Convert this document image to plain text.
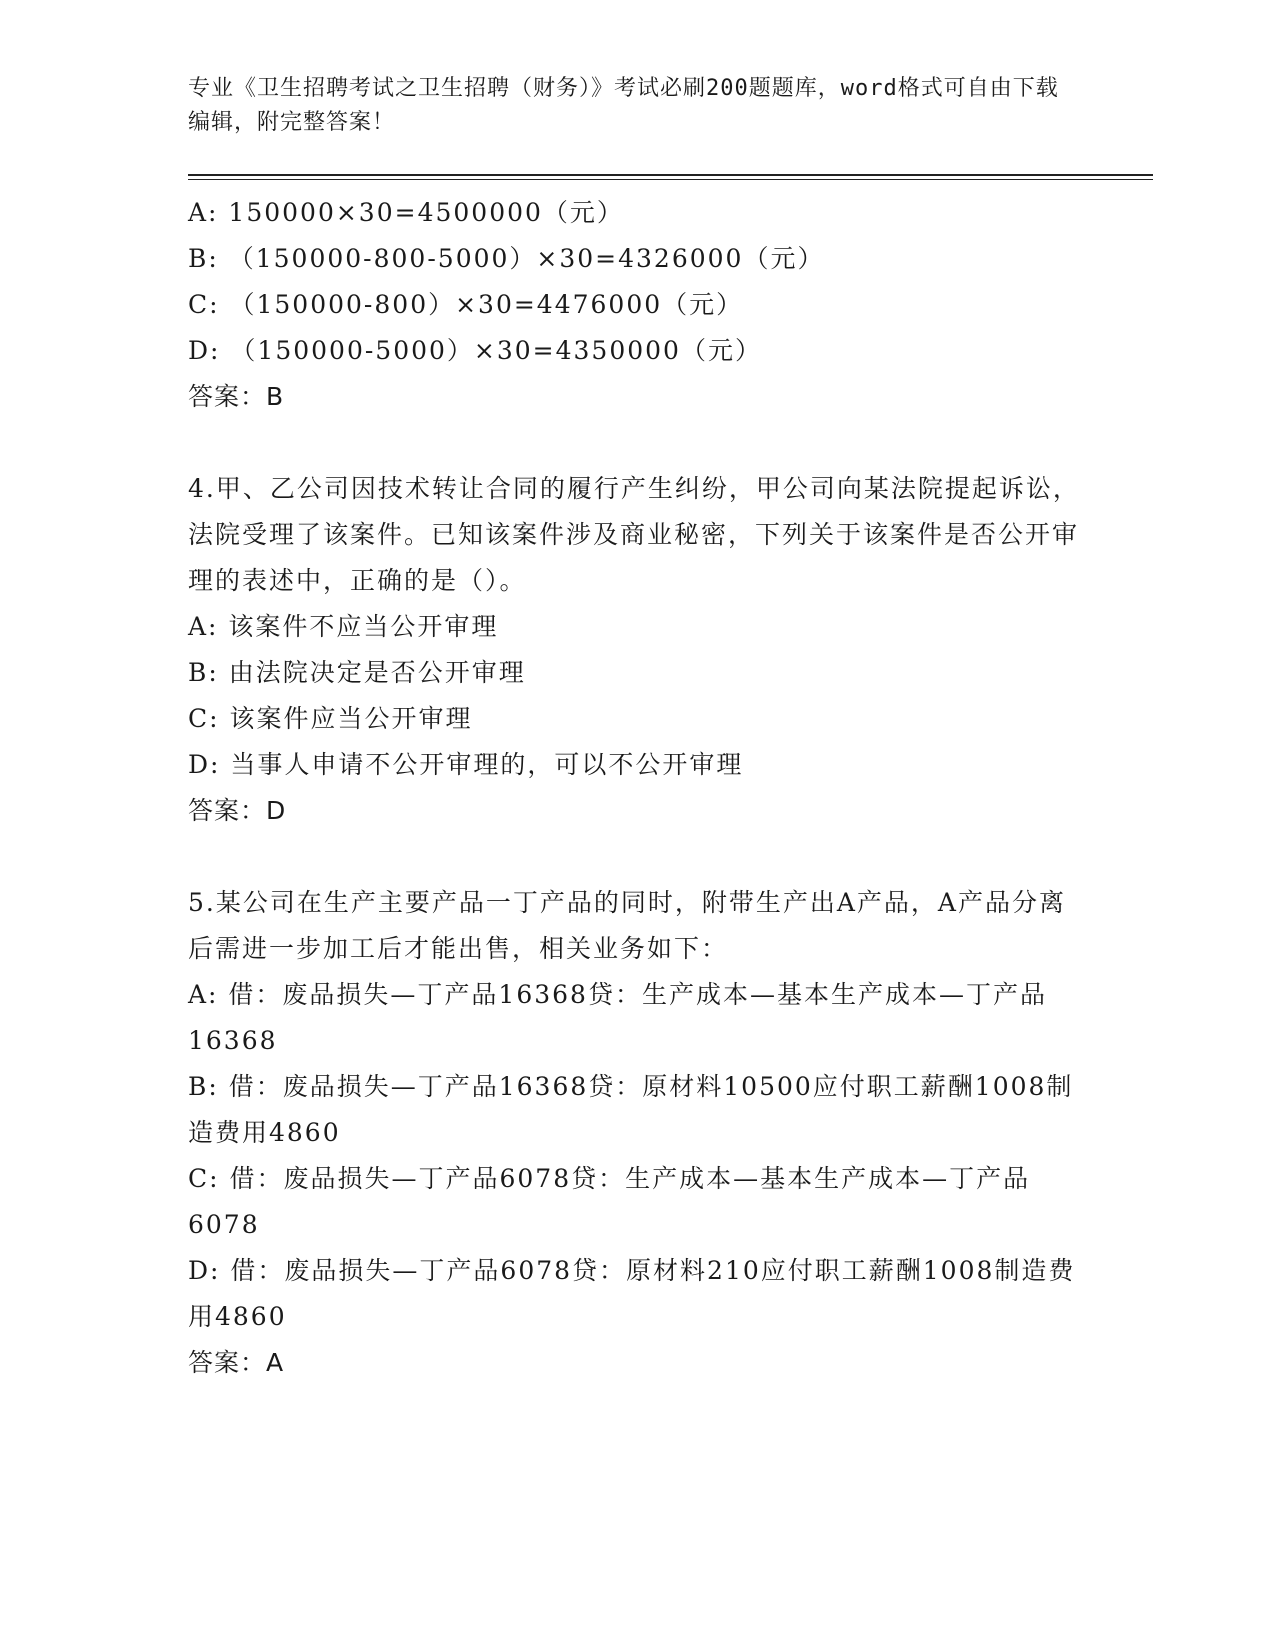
专业《卫生招聘考试之卫生招聘（财务）》考试必刷200题题库，word格式可自由下载编辑，附完整答案！

A: 150000×30=4500000（元）

B: （150000-800-5000）×30=4326000（元）

C: （150000-800）×30=4476000（元）

D: （150000-5000）×30=4350000（元）

答案：B

4.甲、乙公司因技术转让合同的履行产生纠纷，甲公司向某法院提起诉讼，法院受理了该案件。已知该案件涉及商业秘密，下列关于该案件是否公开审理的表述中，正确的是（）。

A: 该案件不应当公开审理

B: 由法院决定是否公开审理

C: 该案件应当公开审理

D: 当事人申请不公开审理的，可以不公开审理

答案：D

5.某公司在生产主要产品一丁产品的同时，附带生产出A产品，A产品分离后需进一步加工后才能出售，相关业务如下：

A: 借：废品损失—丁产品16368贷：生产成本—基本生产成本—丁产品16368

B: 借：废品损失—丁产品16368贷：原材料10500应付职工薪酬1008制造费用4860

C: 借：废品损失—丁产品6078贷：生产成本—基本生产成本—丁产品6078

D: 借：废品损失—丁产品6078贷：原材料210应付职工薪酬1008制造费用4860

答案：A
